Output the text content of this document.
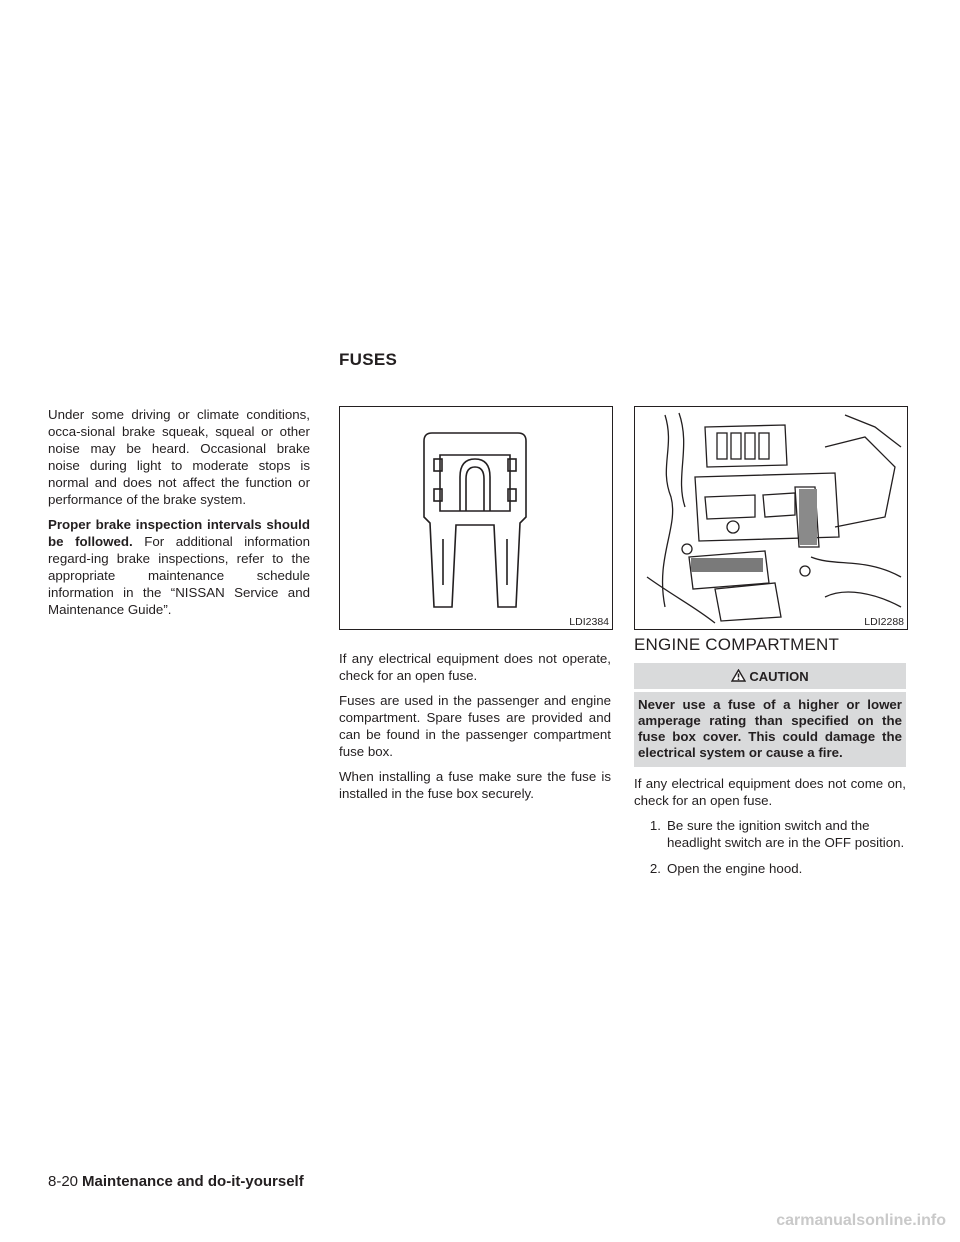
FUSES

Under some driving or climate conditions, occa-sional brake squeak, squeal or other noise may be heard. Occasional brake noise during light to moderate stops is normal and does not affect the function or performance of the brake system.

Proper brake inspection intervals should be followed. For additional information regard-ing brake inspections, refer to the appropriate maintenance schedule information in the “NISSAN Service and Maintenance Guide”.

LDI2384	LDI2288

If any electrical equipment does not operate, check for an open fuse.

Fuses are used in the passenger and engine compartment. Spare fuses are provided and can be found in the passenger compartment fuse box.

When installing a fuse make sure the fuse is installed in the fuse box securely.

ENGINE COMPARTMENT
CAUTION
Never use a fuse of a higher or lower amperage rating than specified on the fuse box cover. This could damage the electrical system or cause a fire.

If any electrical equipment does not come on, check for an open fuse.

1. Be sure the ignition switch and the headlight switch are in the OFF position.
2. Open the engine hood.
8-20 Maintenance and do-it-yourself
carmanualsonline.info
